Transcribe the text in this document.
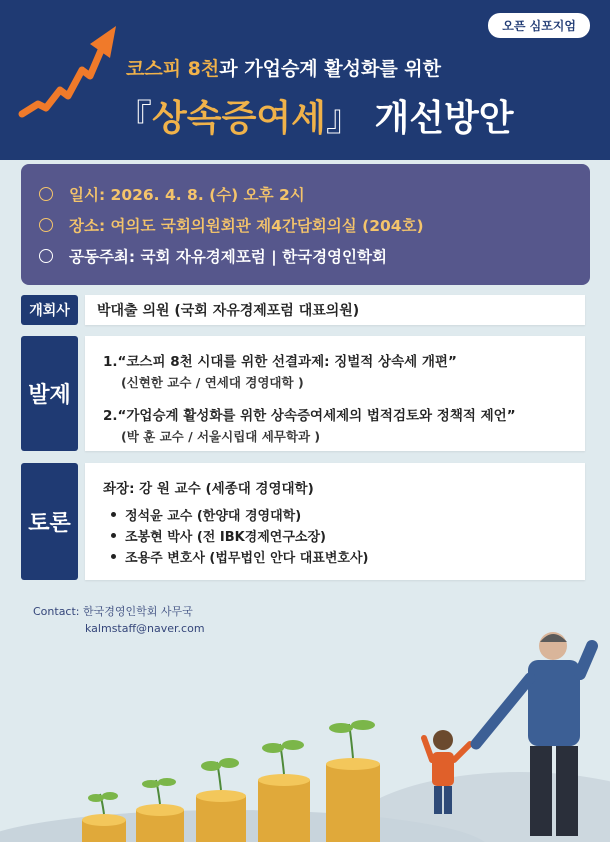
오픈 심포지엄
코스피 8천과 가업승계 활성화를 위한
『상속증여세』 개선방안
일시: 2026. 4. 8. (수) 오후 2시
장소: 여의도 국회의원회관 제4간담회의실 (204호)
공동주최: 국회 자유경제포럼 | 한국경영인학회
개회사	박대출 의원 (국회 자유경제포럼 대표의원)
발제
1.“코스피 8천 시대를 위한 선결과제: 징벌적 상속세 개편”
(신현한 교수 / 연세대 경영대학 )
2.“가업승계 활성화를 위한 상속증여세제의 법적검토와 정책적 제언”
(박 훈 교수 / 서울시립대 세무학과 )
토론
좌장: 강 원 교수 (세종대 경영대학)
정석윤 교수 (한양대 경영대학)
조봉현 박사 (전 IBK경제연구소장)
조용주 변호사 (법무법인 안다 대표변호사)
Contact: 한국경영인학회 사무국
kalmstaff@naver.com
